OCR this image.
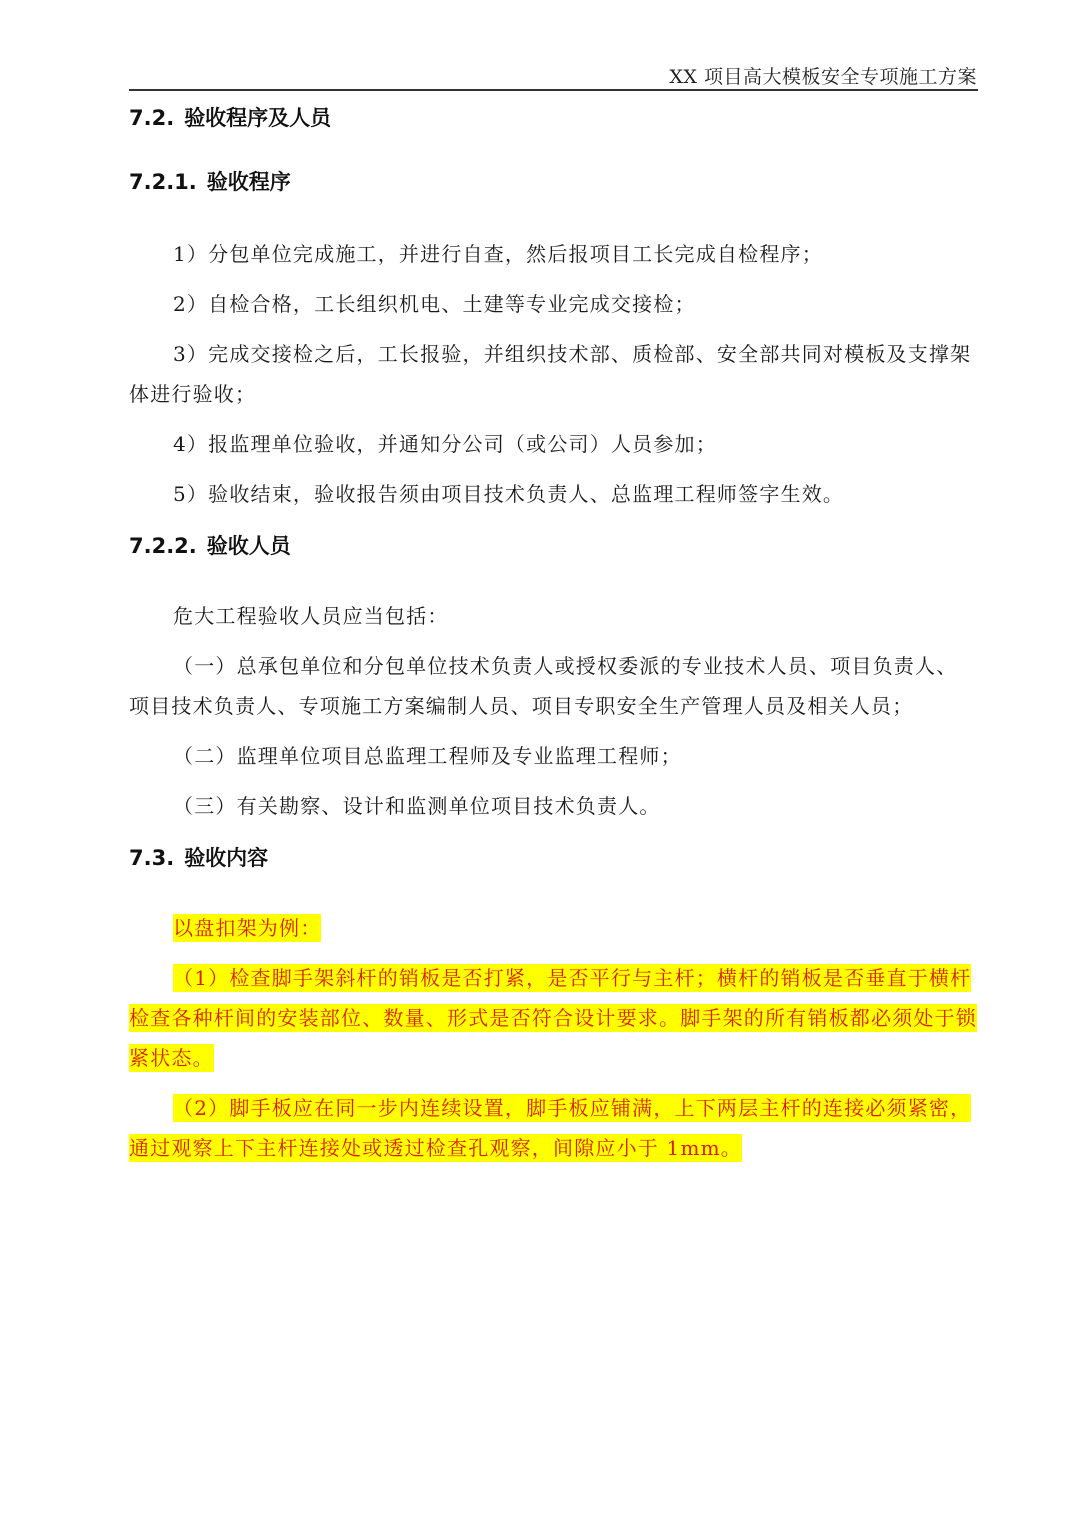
XX 项目高大模板安全专项施工方案
7.2. 验收程序及人员
7.2.1. 验收程序

1）分包单位完成施工，并进行自查，然后报项目工长完成自检程序；

2）自检合格，工长组织机电、土建等专业完成交接检；

3）完成交接检之后，工长报验，并组织技术部、质检部、安全部共同对模板及支撑架体进行验收；

4）报监理单位验收，并通知分公司（或公司）人员参加；

5）验收结束，验收报告须由项目技术负责人、总监理工程师签字生效。

7.2.2. 验收人员

危大工程验收人员应当包括：

（一）总承包单位和分包单位技术负责人或授权委派的专业技术人员、项目负责人、项目技术负责人、专项施工方案编制人员、项目专职安全生产管理人员及相关人员；

（二）监理单位项目总监理工程师及专业监理工程师；

（三）有关勘察、设计和监测单位项目技术负责人。

7.3. 验收内容

以盘扣架为例：

（1）检查脚手架斜杆的销板是否打紧，是否平行与主杆；横杆的销板是否垂直于横杆检查各种杆间的安装部位、数量、形式是否符合设计要求。脚手架的所有销板都必须处于锁紧状态。

（2）脚手板应在同一步内连续设置，脚手板应铺满，上下两层主杆的连接必须紧密，通过观察上下主杆连接处或透过检查孔观察，间隙应小于 1mm。
